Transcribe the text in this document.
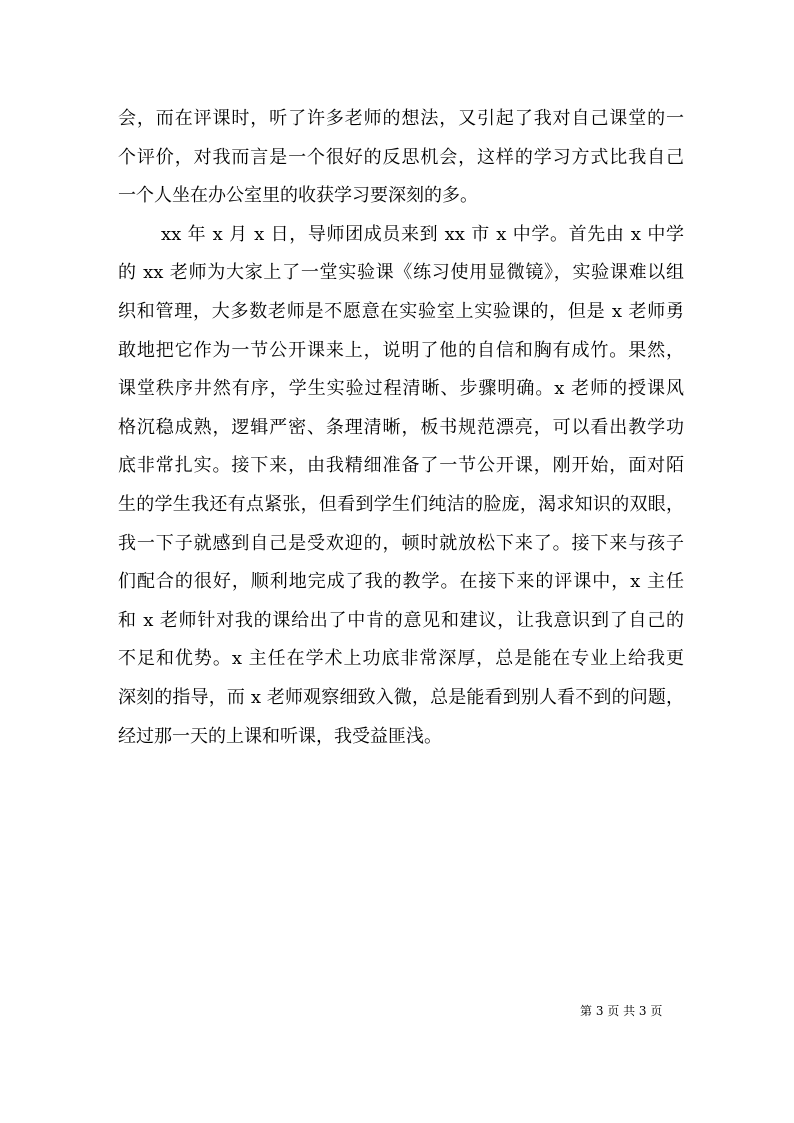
会，而在评课时，听了许多老师的想法，又引起了我对自己课堂的一
个评价，对我而言是一个很好的反思机会，这样的学习方式比我自己
一个人坐在办公室里的收获学习要深刻的多。
xx 年 x 月 x 日，导师团成员来到 xx 市 x 中学。首先由 x 中学
的 xx 老师为大家上了一堂实验课《练习使用显微镜》，实验课难以组
织和管理，大多数老师是不愿意在实验室上实验课的，但是 x 老师勇
敢地把它作为一节公开课来上，说明了他的自信和胸有成竹。果然，
课堂秩序井然有序，学生实验过程清晰、步骤明确。x 老师的授课风
格沉稳成熟，逻辑严密、条理清晰，板书规范漂亮，可以看出教学功
底非常扎实。接下来，由我精细准备了一节公开课，刚开始，面对陌
生的学生我还有点紧张，但看到学生们纯洁的脸庞，渴求知识的双眼，
我一下子就感到自己是受欢迎的，顿时就放松下来了。接下来与孩子
们配合的很好，顺利地完成了我的教学。在接下来的评课中，x 主任
和 x 老师针对我的课给出了中肯的意见和建议，让我意识到了自己的
不足和优势。x 主任在学术上功底非常深厚，总是能在专业上给我更
深刻的指导，而 x 老师观察细致入微，总是能看到别人看不到的问题，
经过那一天的上课和听课，我受益匪浅。
第 3 页 共 3 页
